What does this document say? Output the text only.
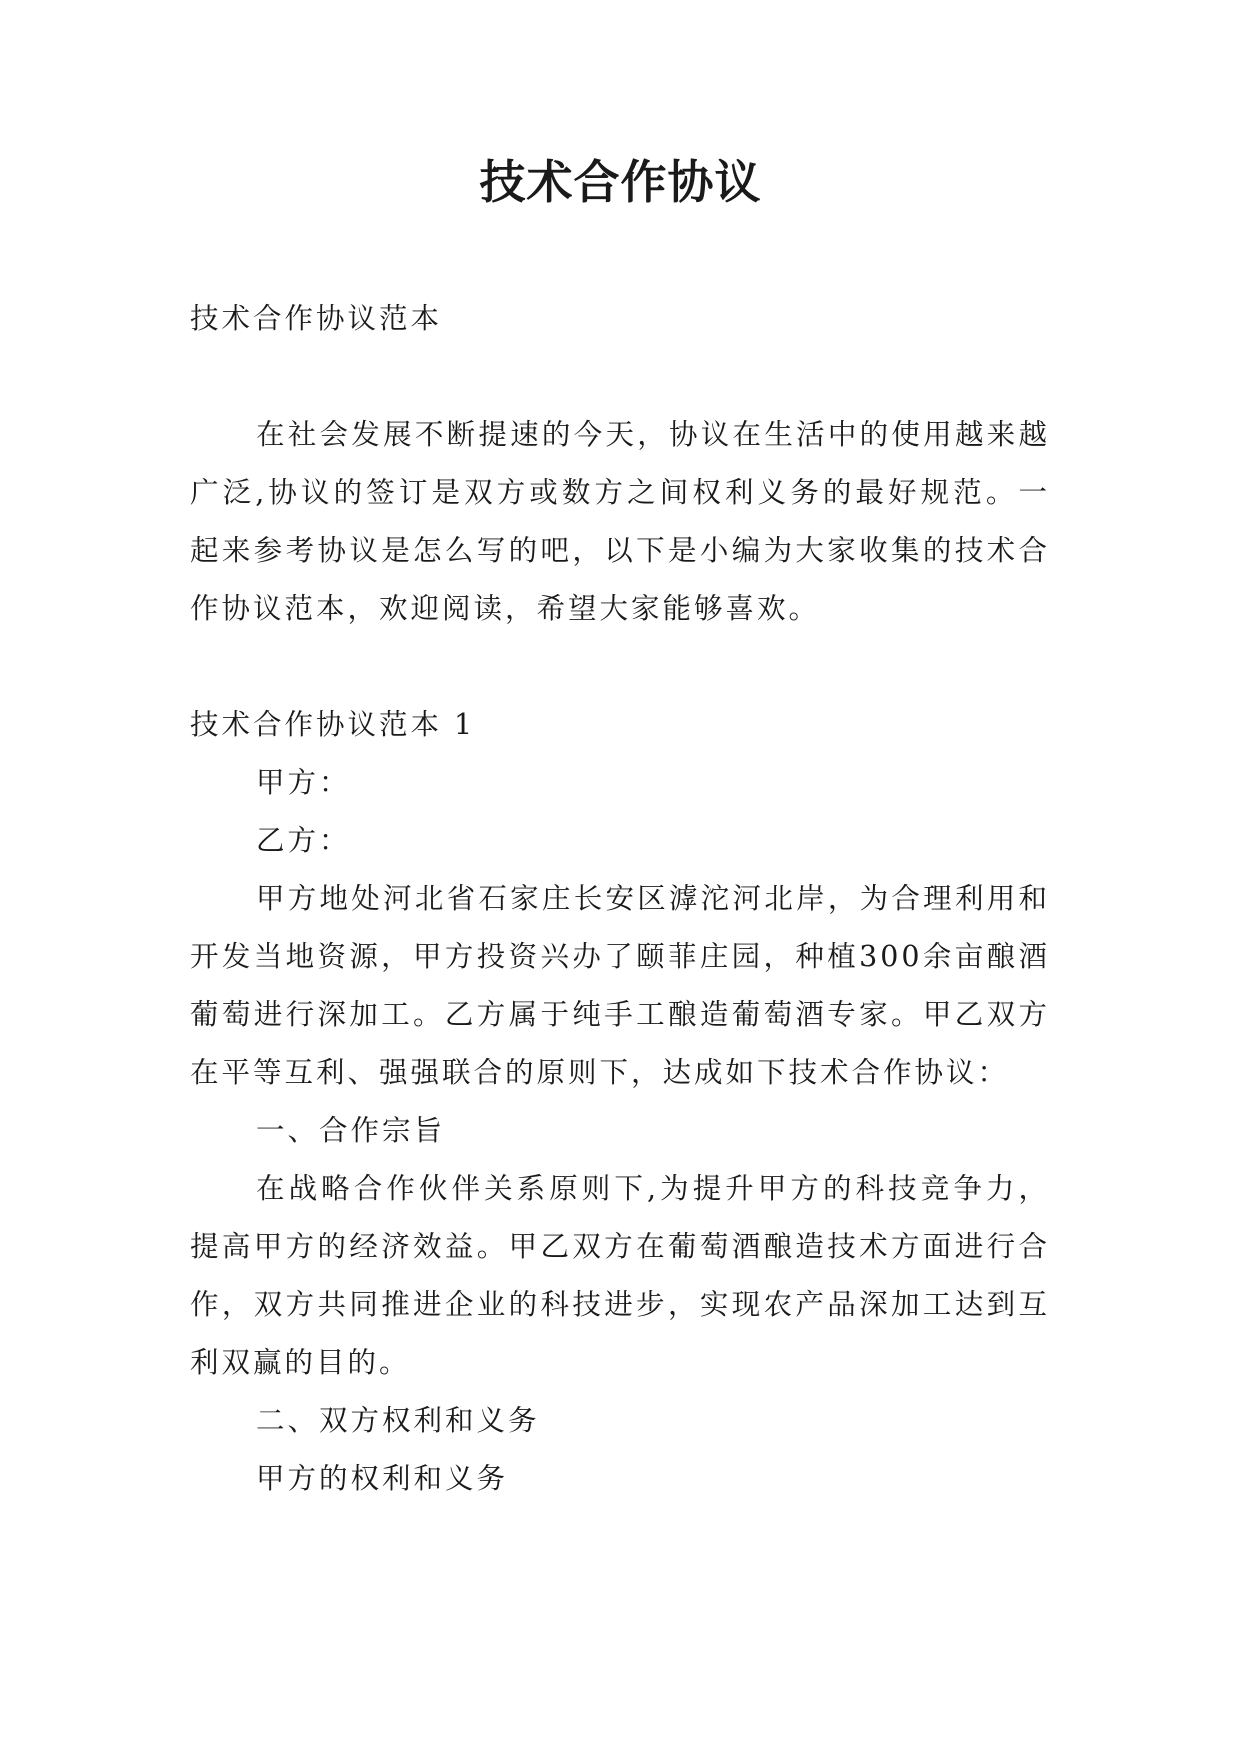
技术合作协议

技术合作协议范本

在社会发展不断提速的今天，协议在生活中的使用越来越广泛,协议的签订是双方或数方之间权利义务的最好规范。一起来参考协议是怎么写的吧，以下是小编为大家收集的技术合作协议范本，欢迎阅读，希望大家能够喜欢。

技术合作协议范本 1

甲方：

乙方：

甲方地处河北省石家庄长安区滹沱河北岸，为合理利用和开发当地资源，甲方投资兴办了颐菲庄园，种植300余亩酿酒葡萄进行深加工。乙方属于纯手工酿造葡萄酒专家。甲乙双方在平等互利、强强联合的原则下，达成如下技术合作协议：

一、合作宗旨

在战略合作伙伴关系原则下,为提升甲方的科技竞争力，提高甲方的经济效益。甲乙双方在葡萄酒酿造技术方面进行合作，双方共同推进企业的科技进步，实现农产品深加工达到互利双赢的目的。

二、双方权利和义务

甲方的权利和义务
